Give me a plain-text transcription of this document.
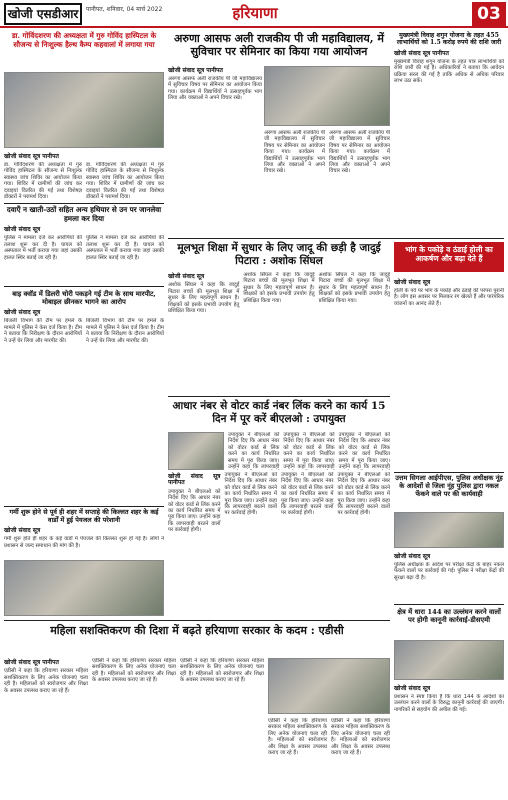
खोजी एसडीआर	पानीपत, शनिवार, 04 मार्च 2022	हरियाणा	03
डा. गोविंदशरण की अध्यक्षता में गुरु गोविंद हास्पिटल के सौजन्य से निःशुल्क हैल्थ कैम्प कहवालां में लगाया गया
खोजी संवाद सूत्र पानीपत
डा. गोविंदशरण की अध्यक्षता में गुरु गोविंद हास्पिटल के सौजन्य से निःशुल्क स्वास्थ्य जांच शिविर का आयोजन किया गया। शिविर में ग्रामीणों की जांच कर दवाइयां वितरित की गईं तथा विशेषज्ञ डॉक्टरों ने परामर्श दिया।
डा. गोविंदशरण की अध्यक्षता में गुरु गोविंद हास्पिटल के सौजन्य से निःशुल्क स्वास्थ्य जांच शिविर का आयोजन किया गया। शिविर में ग्रामीणों की जांच कर दवाइयां वितरित की गईं तथा विशेषज्ञ डॉक्टरों ने परामर्श दिया।
दवाएँ न खाती-उठों सहित अन्य हथियार से उन पर जानलेवा हमला कर दिया
खोजी संवाद सूत्र
पुलिस ने मामला दर्ज कर आरोपियों की तलाश शुरू कर दी है। घायल को अस्पताल में भर्ती कराया गया जहां उसकी हालत स्थिर बताई जा रही है।
पुलिस ने मामला दर्ज कर आरोपियों की तलाश शुरू कर दी है। घायल को अस्पताल में भर्ती कराया गया जहां उसकी हालत स्थिर बताई जा रही है।
बाइ क्वॉड में डिलरी चोरी पकड़ने गई टीम के साथ मारपीट, मोबाइल छीनकर भागने का आरोप
खोजी संवाद सूत्र
बिजली विभाग की टीम पर हमले के मामले में पुलिस ने केस दर्ज किया है। टीम ने बताया कि निरीक्षण के दौरान आरोपियों ने उन्हें घेर लिया और मारपीट की।
बिजली विभाग की टीम पर हमले के मामले में पुलिस ने केस दर्ज किया है। टीम ने बताया कि निरीक्षण के दौरान आरोपियों ने उन्हें घेर लिया और मारपीट की।
गर्मी शुरू होने से पूर्व ही शहर में सप्ताहे की किल्लत शहर के कई वार्डों में हुई पेयजल की परेशानी
खोजी संवाद सूत्र
गर्मी शुरू होते ही शहर के कई वार्डों में पेयजल की किल्लत शुरू हो गई है। लोगों ने प्रशासन से जल्द समाधान की मांग की है।
अरुणा आसफ अली राजकीय पी जी महाविद्यालय, में सुविचार पर सेमिनार का किया गया आयोजन
खोजी संवाद सूत्र पानीपत
अरुणा आसफ अली राजकीय पी जी महाविद्यालय में सुविचार विषय पर सेमिनार का आयोजन किया गया। कार्यक्रम में विद्यार्थियों ने उत्साहपूर्वक भाग लिया और वक्ताओं ने अपने विचार रखे।
अरुणा आसफ अली राजकीय पी जी महाविद्यालय में सुविचार विषय पर सेमिनार का आयोजन किया गया। कार्यक्रम में विद्यार्थियों ने उत्साहपूर्वक भाग लिया और वक्ताओं ने अपने विचार रखे।
अरुणा आसफ अली राजकीय पी जी महाविद्यालय में सुविचार विषय पर सेमिनार का आयोजन किया गया। कार्यक्रम में विद्यार्थियों ने उत्साहपूर्वक भाग लिया और वक्ताओं ने अपने विचार रखे।
मुख्यमंत्री विवाह शगुन योजना के तहत 455 लाभार्थियों को 1.5 करोड़ रुपये की राशि जारी
खोजी संवाद सूत्र पानीपत
मुख्यमंत्री विवाह शगुन योजना के तहत पात्र लाभार्थियों को राशि जारी की गई है। अधिकारियों ने बताया कि आवेदन प्रक्रिया सरल की गई है ताकि अधिक से अधिक परिवार लाभ उठा सकें।
मूलभूत शिक्षा में सुधार के लिए जादू की छड़ी है जादुई पिटारा : अशोक सिंघल
खोजी संवाद सूत्र
अशोक सिंघल ने कहा कि जादुई पिटारा बच्चों की मूलभूत शिक्षा में सुधार के लिए महत्वपूर्ण साधन है। शिक्षकों को इसके प्रभावी उपयोग हेतु प्रशिक्षित किया गया।
अशोक सिंघल ने कहा कि जादुई पिटारा बच्चों की मूलभूत शिक्षा में सुधार के लिए महत्वपूर्ण साधन है। शिक्षकों को इसके प्रभावी उपयोग हेतु प्रशिक्षित किया गया।
अशोक सिंघल ने कहा कि जादुई पिटारा बच्चों की मूलभूत शिक्षा में सुधार के लिए महत्वपूर्ण साधन है। शिक्षकों को इसके प्रभावी उपयोग हेतु प्रशिक्षित किया गया।
भांग के पकोड़े व ठंडाई होली का आकर्षण और बढ़ा देते हैं
खोजी संवाद सूत्र
होली के पर्व पर भांग के पकोड़े और ठंडाई की परंपरा पुरानी है। लोग इस अवसर पर मिलकर रंग खेलते हैं और पारंपरिक व्यंजनों का आनंद लेते हैं।
उत्तम सिगला आईपीएस, पुलिस अधीक्षक नूंह के आदेशों से जिला नूंह पुलिस द्वारा नकल फेंकने वाले पर की कार्यवाही
खोजी संवाद सूत्र
पुलिस अधीक्षक के आदेश पर परीक्षा केंद्रों के बाहर नकल फेंकने वालों पर कार्रवाई की गई। पुलिस ने परीक्षा केंद्रों की सुरक्षा बढ़ा दी है।
आधार नंबर से वोटर कार्ड नंबर लिंक करने का कार्य 15 दिन में पूर करें बीएलओ : उपायुक्त
खोजी संवाद सूत्र पानीपत
उपायुक्त ने बीएलओ को निर्देश दिए कि आधार नंबर को वोटर कार्ड से लिंक करने का कार्य निर्धारित समय में पूरा किया जाए। उन्होंने कहा कि लापरवाही बरतने वालों पर कार्रवाई होगी।
उपायुक्त ने बीएलओ को निर्देश दिए कि आधार नंबर को वोटर कार्ड से लिंक करने का कार्य निर्धारित समय में पूरा किया जाए। उन्होंने कहा कि लापरवाही बरतने वालों पर कार्रवाई होगी।
उपायुक्त ने बीएलओ को निर्देश दिए कि आधार नंबर को वोटर कार्ड से लिंक करने का कार्य निर्धारित समय में पूरा किया जाए। उन्होंने कहा कि लापरवाही बरतने वालों पर कार्रवाई होगी।
उपायुक्त ने बीएलओ को निर्देश दिए कि आधार नंबर को वोटर कार्ड से लिंक करने का कार्य निर्धारित समय में पूरा किया जाए। उन्होंने कहा कि लापरवाही बरतने वालों पर कार्रवाई होगी।
उपायुक्त ने बीएलओ को निर्देश दिए कि आधार नंबर को वोटर कार्ड से लिंक करने का कार्य निर्धारित समय में पूरा किया जाए। उन्होंने कहा कि लापरवाही
उपायुक्त ने बीएलओ को निर्देश दिए कि आधार नंबर को वोटर कार्ड से लिंक करने का कार्य निर्धारित समय में पूरा किया जाए। उन्होंने कहा कि लापरवाही
उपायुक्त ने बीएलओ को निर्देश दिए कि आधार नंबर को वोटर कार्ड से लिंक करने का कार्य निर्धारित समय में पूरा किया जाए। उन्होंने कहा कि लापरवाही
महिला सशक्तिकरण की दिशा में बढ़ते हरियाणा सरकार के कदम : एडीसी
खोजी संवाद सूत्र पानीपत
एडीसी ने कहा कि हरियाणा सरकार महिला सशक्तिकरण के लिए अनेक योजनाएं चला रही है। महिलाओं को स्वरोजगार और शिक्षा के अवसर उपलब्ध कराए जा रहे हैं।
एडीसी ने कहा कि हरियाणा सरकार महिला सशक्तिकरण के लिए अनेक योजनाएं चला रही है। महिलाओं को स्वरोजगार और शिक्षा के अवसर उपलब्ध कराए जा रहे हैं।
एडीसी ने कहा कि हरियाणा सरकार महिला सशक्तिकरण के लिए अनेक योजनाएं चला रही है। महिलाओं को स्वरोजगार और शिक्षा के अवसर उपलब्ध कराए जा रहे हैं।
एडीसी ने कहा कि हरियाणा सरकार महिला सशक्तिकरण के लिए अनेक योजनाएं चला रही है। महिलाओं को स्वरोजगार और शिक्षा के अवसर उपलब्ध कराए जा रहे हैं।
एडीसी ने कहा कि हरियाणा सरकार महिला सशक्तिकरण के लिए अनेक योजनाएं चला रही है। महिलाओं को स्वरोजगार और शिक्षा के अवसर उपलब्ध कराए जा रहे हैं।
क्षेत्र में धारा 144 का उल्लंघन करने वालों पर होगी कानूनी कार्रवाई-डीसएमी
खोजी संवाद सूत्र
प्रशासन ने स्पष्ट किया है कि धारा 144 के आदेशों का उल्लंघन करने वालों के विरुद्ध कानूनी कार्रवाई की जाएगी। नागरिकों से सहयोग की अपील की गई।
